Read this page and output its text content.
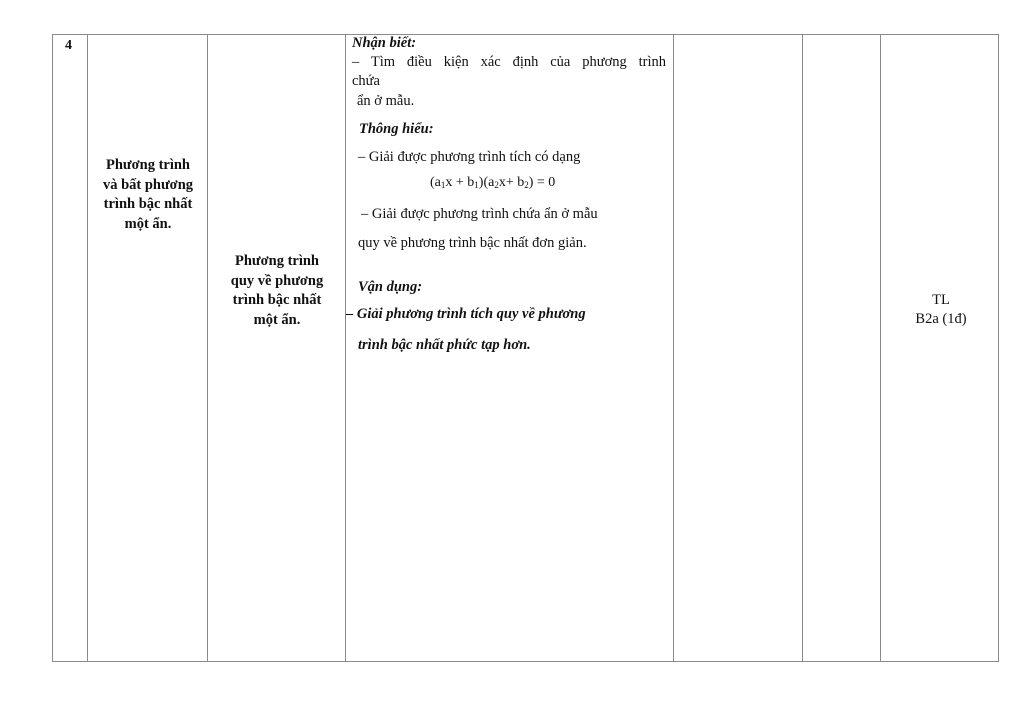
4
Phương trình
và bất phương
trình bậc nhất
một ẩn.
Phương trình
quy về phương
trình bậc nhất
một ẩn.
Nhận biết:
– Tìm điều kiện xác định của phương trình
chứa
ẩn ở mẫu.
Thông hiểu:
– Giải được phương trình tích có dạng
$(a_1x + b_1)(a_2x+ b_2) = 0$
– Giải được phương trình chứa ẩn ở mẫu
quy về phương trình bậc nhất đơn giản.
Vận dụng:
– Giải phương trình tích quy về phương
trình bậc nhất phức tạp hơn.
TL
B2a (1đ)
